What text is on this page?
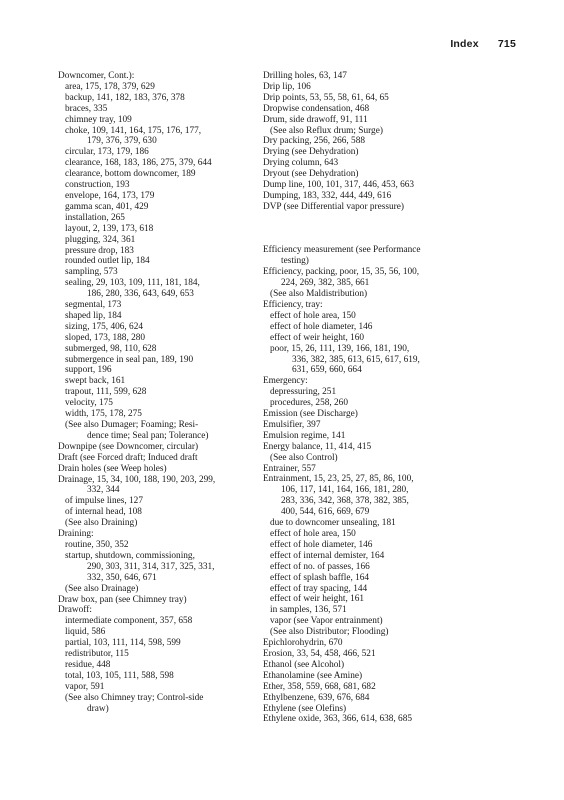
Index 715
Downcomer, Cont.):
area, 175, 178, 379, 629
backup, 141, 182, 183, 376, 378
braces, 335
chimney tray, 109
choke, 109, 141, 164, 175, 176, 177,
179, 376, 379, 630
circular, 173, 179, 186
clearance, 168, 183, 186, 275, 379, 644
clearance, bottom downcomer, 189
construction, 193
envelope, 164, 173, 179
gamma scan, 401, 429
installation, 265
layout, 2, 139, 173, 618
plugging, 324, 361
pressure drop, 183
rounded outlet lip, 184
sampling, 573
sealing, 29, 103, 109, 111, 181, 184,
186, 280, 336, 643, 649, 653
segmental, 173
shaped lip, 184
sizing, 175, 406, 624
sloped, 173, 188, 280
submerged, 98, 110, 628
submergence in seal pan, 189, 190
support, 196
swept back, 161
trapout, 111, 599, 628
velocity, 175
width, 175, 178, 275
(See also Dumager; Foaming; Resi-
dence time; Seal pan; Tolerance)
Downpipe (see Downcomer, circular)
Draft (see Forced draft; Induced draft
Drain holes (see Weep holes)
Drainage, 15, 34, 100, 188, 190, 203, 299,
332, 344
of impulse lines, 127
of internal head, 108
(See also Draining)
Draining:
routine, 350, 352
startup, shutdown, commissioning,
290, 303, 311, 314, 317, 325, 331,
332, 350, 646, 671
(See also Drainage)
Draw box, pan (see Chimney tray)
Drawoff:
intermediate component, 357, 658
liquid, 586
partial, 103, 111, 114, 598, 599
redistributor, 115
residue, 448
total, 103, 105, 111, 588, 598
vapor, 591
(See also Chimney tray; Control-side
draw)
Drilling holes, 63, 147
Drip lip, 106
Drip points, 53, 55, 58, 61, 64, 65
Dropwise condensation, 468
Drum, side drawoff, 91, 111
(See also Reflux drum; Surge)
Dry packing, 256, 266, 588
Drying (see Dehydration)
Drying column, 643
Dryout (see Dehydration)
Dump line, 100, 101, 317, 446, 453, 663
Dumping, 183, 332, 444, 449, 616
DVP (see Differential vapor pressure)
Efficiency measurement (see Performance
testing)
Efficiency, packing, poor, 15, 35, 56, 100,
224, 269, 382, 385, 661
(See also Maldistribution)
Efficiency, tray:
effect of hole area, 150
effect of hole diameter, 146
effect of weir height, 160
poor, 15, 26, 111, 139, 166, 181, 190,
336, 382, 385, 613, 615, 617, 619,
631, 659, 660, 664
Emergency:
depressuring, 251
procedures, 258, 260
Emission (see Discharge)
Emulsifier, 397
Emulsion regime, 141
Energy balance, 11, 414, 415
(See also Control)
Entrainer, 557
Entrainment, 15, 23, 25, 27, 85, 86, 100,
106, 117, 141, 164, 166, 181, 280,
283, 336, 342, 368, 378, 382, 385,
400, 544, 616, 669, 679
due to downcomer unsealing, 181
effect of hole area, 150
effect of hole diameter, 146
effect of internal demister, 164
effect of no. of passes, 166
effect of splash baffle, 164
effect of tray spacing, 144
effect of weir height, 161
in samples, 136, 571
vapor (see Vapor entrainment)
(See also Distributor; Flooding)
Epichlorohydrin, 670
Erosion, 33, 54, 458, 466, 521
Ethanol (see Alcohol)
Ethanolamine (see Amine)
Ether, 358, 559, 668, 681, 682
Ethylbenzene, 639, 676, 684
Ethylene (see Olefins)
Ethylene oxide, 363, 366, 614, 638, 685
